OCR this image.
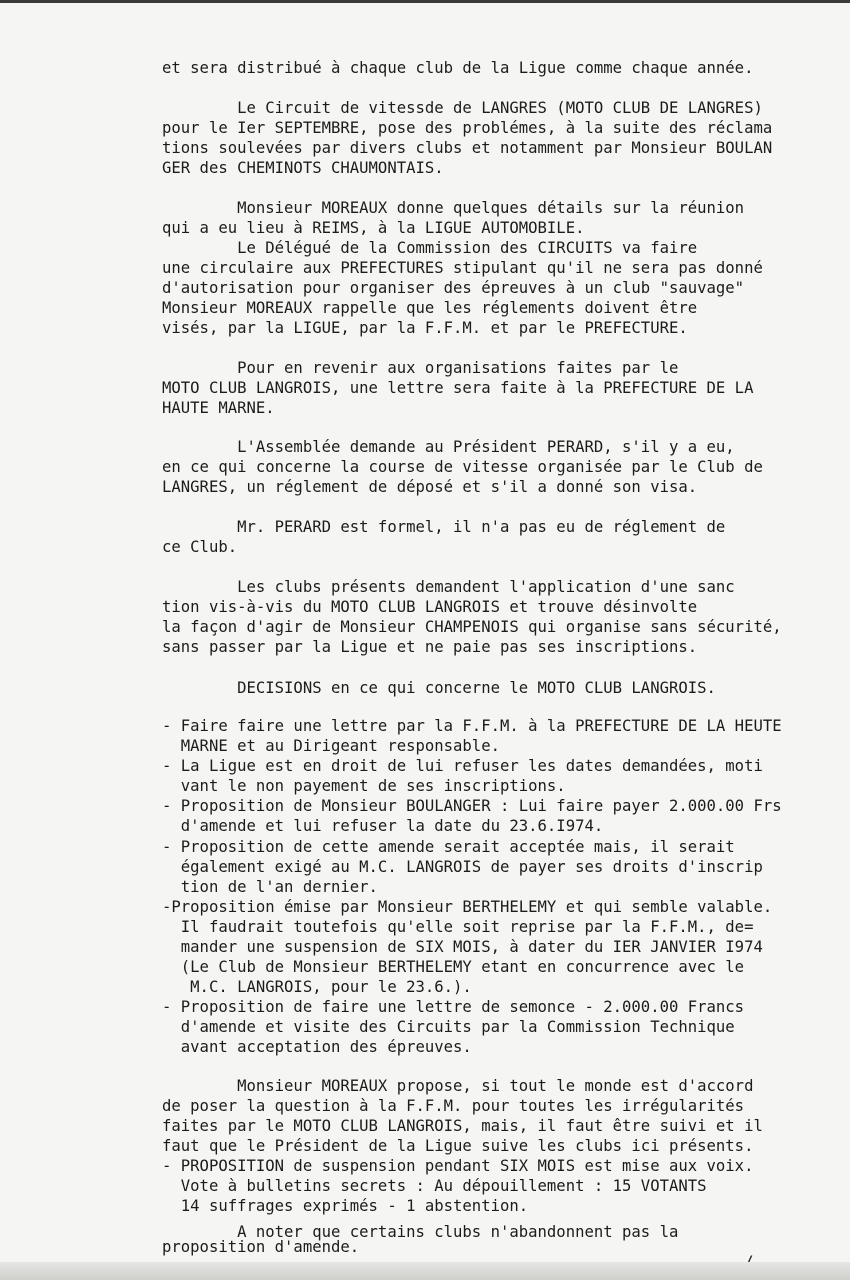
et sera distribué à chaque club de la Ligue comme chaque année.

Le Circuit de vitessde de LANGRES (MOTO CLUB DE LANGRES)

pour le Ier SEPTEMBRE, pose des problémes, à la suite des réclama

tions soulevées par divers clubs et notamment par Monsieur BOULAN

GER des CHEMINOTS CHAUMONTAIS.

Monsieur MOREAUX donne quelques détails sur la réunion

qui a eu lieu à REIMS, à la LIGUE AUTOMOBILE.

Le Délégué de la Commission des CIRCUITS va faire

une circulaire aux PREFECTURES stipulant qu'il ne sera pas donné

d'autorisation pour organiser des épreuves à un club "sauvage"

Monsieur MOREAUX rappelle que les réglements doivent être

visés, par la LIGUE, par la F.F.M. et par le PREFECTURE.

Pour en revenir aux organisations faites par le

MOTO CLUB LANGROIS, une lettre sera faite à la PREFECTURE DE LA

HAUTE MARNE.

L'Assemblée demande au Président PERARD, s'il y a eu,

en ce qui concerne la course de vitesse organisée par le Club de

LANGRES, un réglement de déposé et s'il a donné son visa.

Mr. PERARD est formel, il n'a pas eu de réglement de

ce Club.

Les clubs présents demandent l'application d'une sanc

tion vis-à-vis du MOTO CLUB LANGROIS et trouve désinvolte

la façon d'agir de Monsieur CHAMPENOIS qui organise sans sécurité,

sans passer par la Ligue et ne paie pas ses inscriptions.

DECISIONS en ce qui concerne le MOTO CLUB LANGROIS.

- Faire faire une lettre par la F.F.M. à la PREFECTURE DE LA HEUTE

MARNE et au Dirigeant responsable.

- La Ligue est en droit de lui refuser les dates demandées, moti

vant le non payement de ses inscriptions.

- Proposition de Monsieur BOULANGER : Lui faire payer 2.000.00 Frs

d'amende et lui refuser la date du 23.6.I974.

- Proposition de cette amende serait acceptée mais, il serait

également exigé au M.C. LANGROIS de payer ses droits d'inscrip

tion de l'an dernier.

-Proposition émise par Monsieur BERTHELEMY et qui semble valable.

Il faudrait toutefois qu'elle soit reprise par la F.F.M., de=

mander une suspension de SIX MOIS, à dater du IER JANVIER I974

(Le Club de Monsieur BERTHELEMY etant en concurrence avec le

M.C. LANGROIS, pour le 23.6.).

- Proposition de faire une lettre de semonce - 2.000.00 Francs

d'amende et visite des Circuits par la Commission Technique

avant acceptation des épreuves.

Monsieur MOREAUX propose, si tout le monde est d'accord

de poser la question à la F.F.M. pour toutes les irrégularités

faites par le MOTO CLUB LANGROIS, mais, il faut être suivi et il

faut que le Président de la Ligue suive les clubs ici présents.

- PROPOSITION de suspension pendant SIX MOIS est mise aux voix.

Vote à bulletins secrets : Au dépouillement : 15 VOTANTS

14 suffrages exprimés - 1 abstention.

A noter que certains clubs n'abandonnent pas la

proposition d'amende.
